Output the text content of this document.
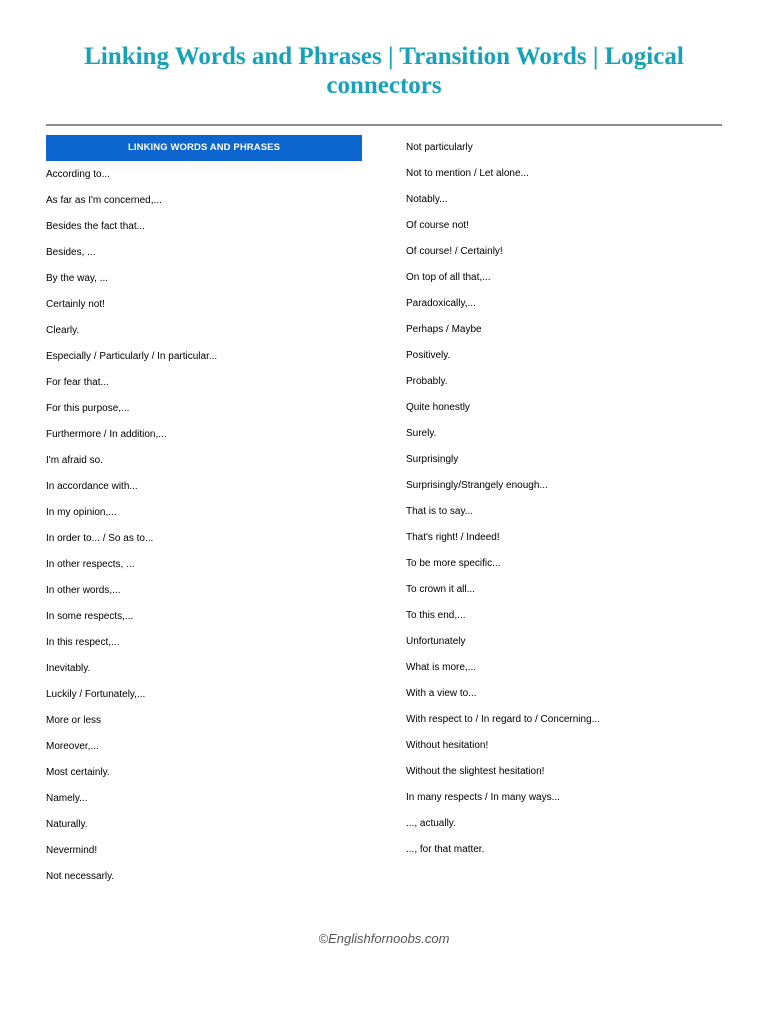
Linking Words and Phrases | Transition Words | Logical connectors
LINKING WORDS AND PHRASES
According to...
As far as I'm concerned,...
Besides the fact that...
Besides, ...
By the way, ...
Certainly not!
Clearly.
Especially / Particularly / In particular...
For fear that...
For this purpose,...
Furthermore / In addition,...
I'm afraid so.
In accordance with...
In my opinion,...
In order to... / So as to...
In other respects, ...
In other words,...
In some respects,...
In this respect,...
Inevitably.
Luckily / Fortunately,...
More or less
Moreover,...
Most certainly.
Namely...
Naturally.
Nevermind!
Not necessarly.
Not particularly
Not to mention / Let alone...
Notably...
Of course not!
Of course! / Certainly!
On top of all that,...
Paradoxically,...
Perhaps / Maybe
Positively.
Probably.
Quite honestly
Surely.
Surprisingly
Surprisingly/Strangely enough...
That is to say...
That's right! / Indeed!
To be more specific...
To crown it all...
To this end,...
Unfortunately
What is more,...
With a view to...
With respect to / In regard to / Concerning...
Without hesitation!
Without the slightest hesitation!
In many respects / In many ways...
..., actually.
..., for that matter.
©Englishfornoobs.com
